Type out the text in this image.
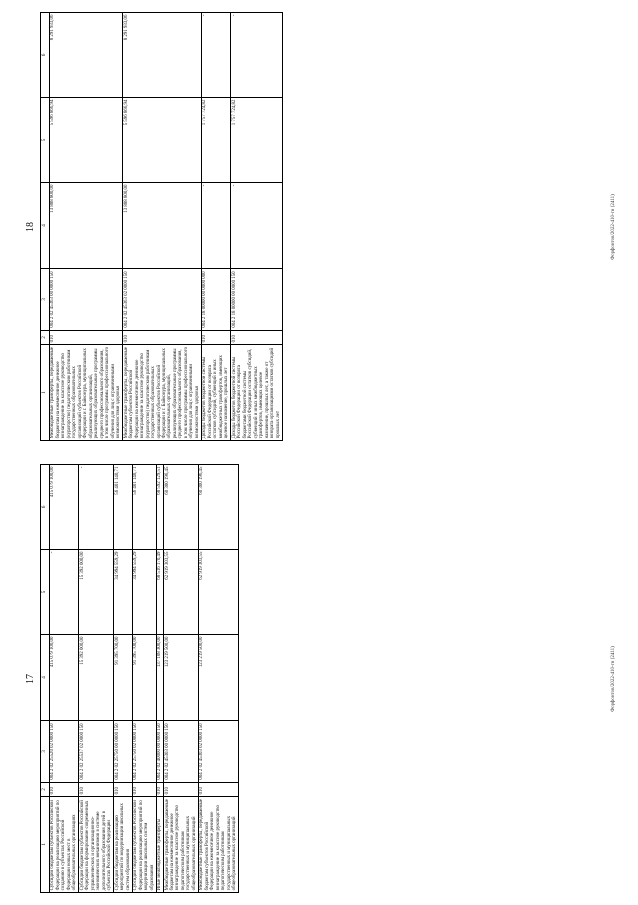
17
1	2	3	4	5	6
Субсидии бюджетам субъектов Российской Федерации на реализацию мероприятий по созданию в субъектах Российской Федерации новых мест в общеобразовательных организациях	010	004 2 02 25520 02 0000 150	415 079 100,00	-	415 079 100,00
Субсидии бюджетам субъектов Российской Федерации на формирование современных управленческих и организационно-экономических механизмов в системе дополнительного образования детей в субъектах Российской Федерации	010	004 2 02 25537 02 0000 150	15 392 000,00	15 392 000,00	-
Субсидии бюджетам на реализацию мероприятий по модернизации школьных систем образования	010	004 2 02 25750 00 0000 150	91 395 700,00	34 994 559,29	56 401 140,71
Субсидии бюджетам субъектов Российской Федерации на реализацию мероприятий по модернизации школьных систем образования	010	004 2 02 25750 02 0000 150	91 395 700,00	34 994 559,29	56 401 140,71
Иные межбюджетные трансферты	010	004 2 02 40000 00 0000 150	137 108 300,00	68 516 170,49	68 592 129,51
Межбюджетные трансферты, передаваемые бюджетам на ежемесячное денежное вознаграждение за классное руководство педагогическим работникам государственных и муниципальных общеобразовательных организаций	010	004 2 02 45303 00 0000 150	123 219 500,00	62 919 303,55	60 300 196,45
Межбюджетные трансферты, передаваемые бюджетам субъектов Российской Федерации на ежемесячное денежное вознаграждение за классное руководство педагогическим работникам государственных и муниципальных общеобразовательных организаций	010	004 2 02 45303 02 0000 150	123 219 500,00	62 919 303,55	60 300 196,45
Форфонтов/2022-410-гн (2411)
18
1	2	3	4	5	6
Межбюджетные трансферты, передаваемые бюджетам на ежемесячное денежное вознаграждение за классное руководство (кураторство) педагогическим работникам государственных образовательных организаций субъектов Российской Федерации и г. Байконура, муниципальных образовательных организаций, реализующих образовательные программы среднего профессионального образования, в том числе программы профессионального обучения для лиц с ограниченными возможностями здоровья	010	004 2 02 45363 00 0000 150	13 888 800,00	5 596 866,94	8 291 933,06
Межбюджетные трансферты, передаваемые бюджетам субъектов Российской Федерации на ежемесячное денежное вознаграждение за классное руководство (кураторство) педагогическим работникам государственных образовательных организаций субъектов Российской Федерации и г. Байконура, муниципальных образовательных организаций, реализующих образовательные программы среднего профессионального образования, в том числе программы профессионального обучения для лиц с ограниченными возможностями здоровья	010	004 2 02 45363 02 0000 150	13 888 800,00	5 596 866,94	8 291 933,06
Доходы бюджетов бюджетной системы Российской Федерации от возврата остатков субсидий, субвенций и иных межбюджетных трансфертов, имеющих целевое назначение, прошлых лет	010	004 2 18 00000 00 0000 000	-	1 757 724,82	-
Доходы бюджетов бюджетной системы Российской Федерации от возврата бюджетами бюджетной системы Российской Федерации остатков субсидий, субвенций и иных межбюджетных трансфертов, имеющих целевое назначение, прошлых лет, а также от возврата организациями остатков субсидий прошлых лет	010	004 2 18 00000 00 0000 150	-	1 757 724,82	-
Форфонтов/2022-410-гн (2411)
